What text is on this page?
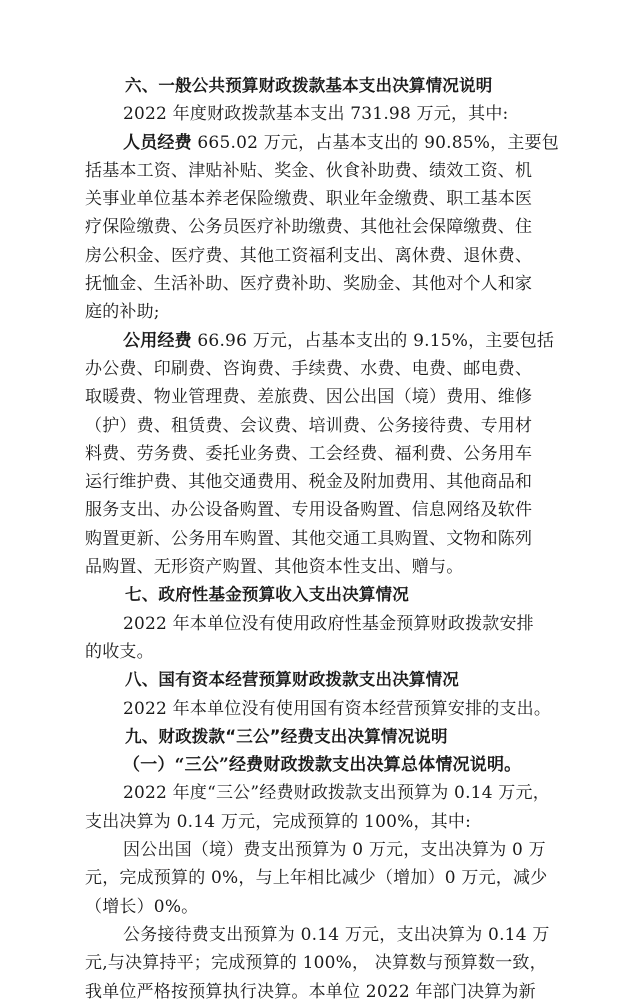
六、一般公共预算财政拨款基本支出决算情况说明
2022 年度财政拨款基本支出 731.98 万元，其中:
人员经费 665.02 万元，占基本支出的 90.85%，主要包
括基本工资、津贴补贴、奖金、伙食补助费、绩效工资、机
关事业单位基本养老保险缴费、职业年金缴费、职工基本医
疗保险缴费、公务员医疗补助缴费、其他社会保障缴费、住
房公积金、医疗费、其他工资福利支出、离休费、退休费、
抚恤金、生活补助、医疗费补助、奖励金、其他对个人和家
庭的补助;
公用经费 66.96 万元，占基本支出的 9.15%，主要包括
办公费、印刷费、咨询费、手续费、水费、电费、邮电费、
取暖费、物业管理费、差旅费、因公出国（境）费用、维修
（护）费、租赁费、会议费、培训费、公务接待费、专用材
料费、劳务费、委托业务费、工会经费、福利费、公务用车
运行维护费、其他交通费用、税金及附加费用、其他商品和
服务支出、办公设备购置、专用设备购置、信息网络及软件
购置更新、公务用车购置、其他交通工具购置、文物和陈列
品购置、无形资产购置、其他资本性支出、赠与。
七、政府性基金预算收入支出决算情况
2022 年本单位没有使用政府性基金预算财政拨款安排
的收支。
八、国有资本经营预算财政拨款支出决算情况
2022 年本单位没有使用国有资本经营预算安排的支出。
九、财政拨款“三公”经费支出决算情况说明
（一）“三公”经费财政拨款支出决算总体情况说明。
2022 年度“三公”经费财政拨款支出预算为 0.14 万元，
支出决算为 0.14 万元，完成预算的 100%，其中:
因公出国（境）费支出预算为 0 万元，支出决算为 0 万
元，完成预算的 0%，与上年相比减少（增加）0 万元，减少
（增长）0%。
公务接待费支出预算为 0.14 万元，支出决算为 0.14 万
元,与决算持平；完成预算的 100%， 决算数与预算数一致，
我单位严格按预算执行决算。本单位 2022 年部门决算为新
